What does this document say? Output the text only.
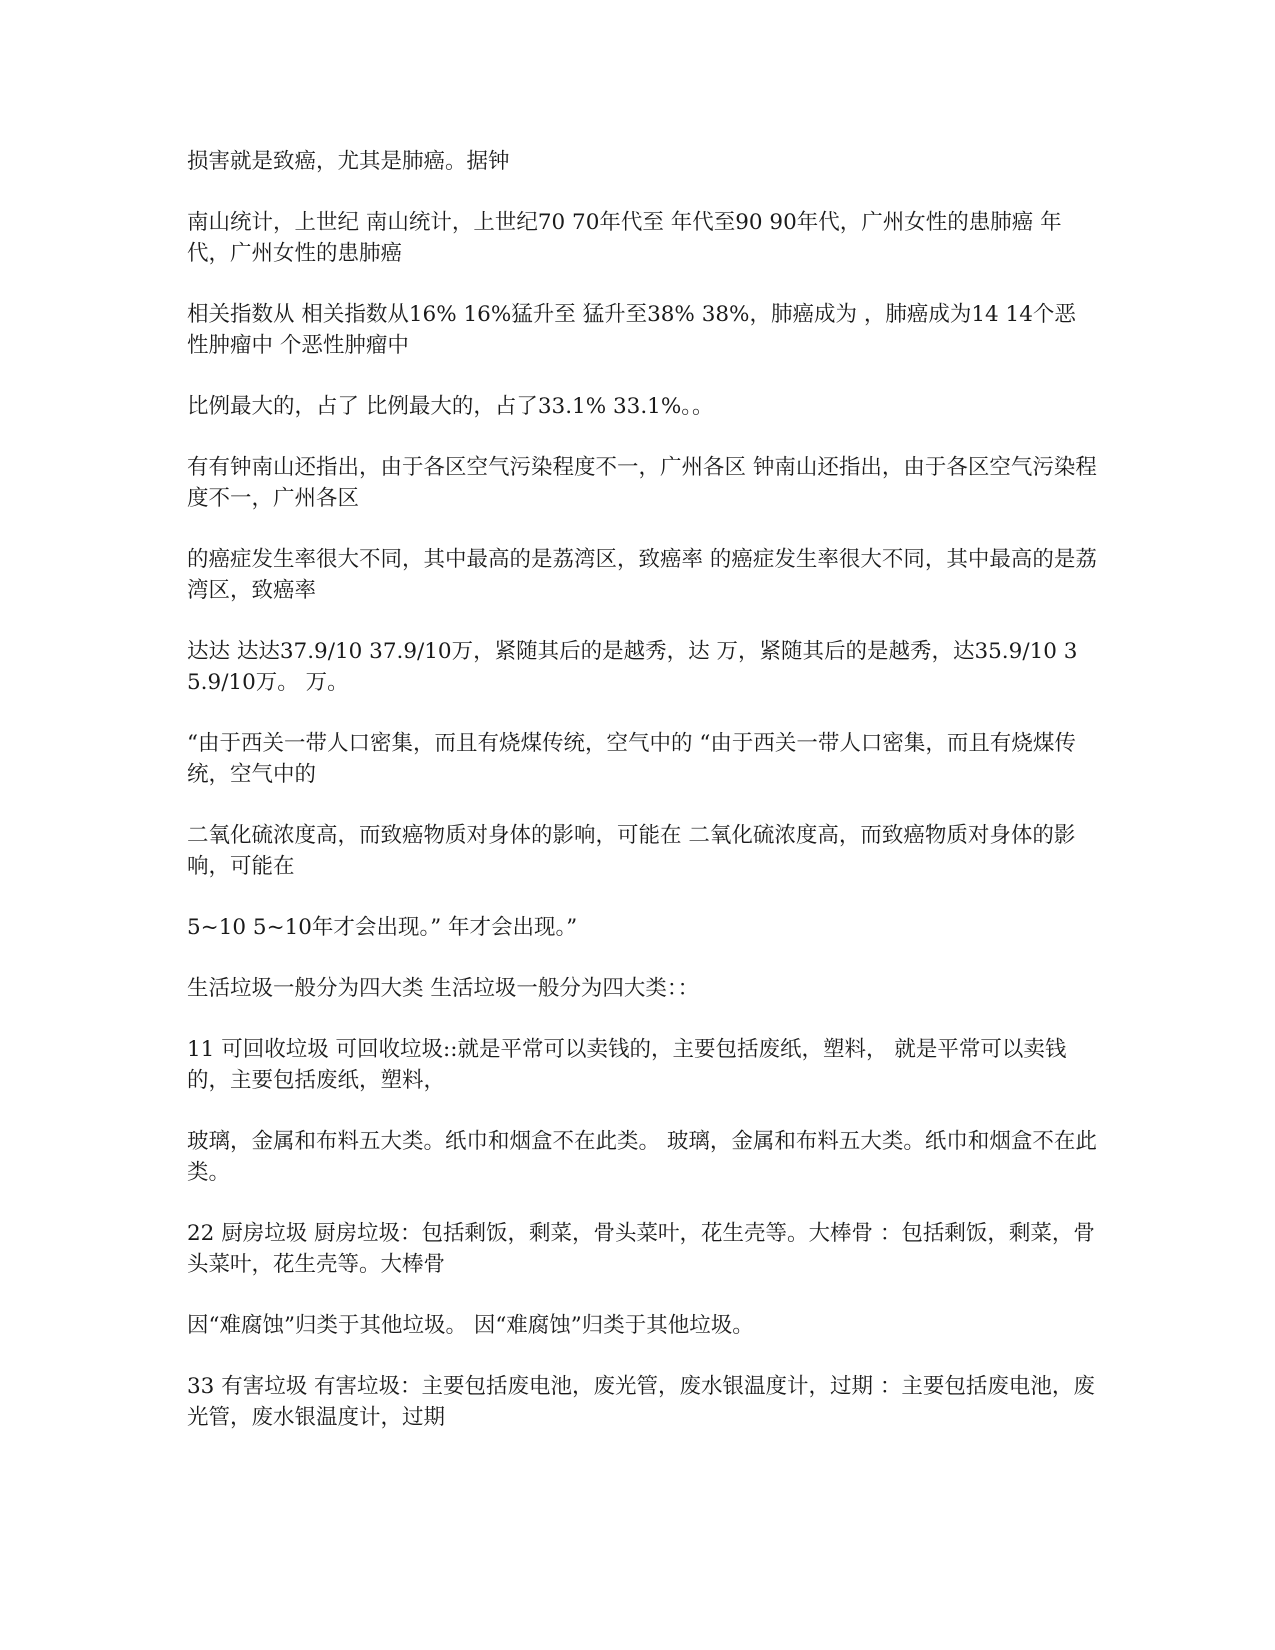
损害就是致癌，尤其是肺癌。据钟

南山统计，上世纪 南山统计，上世纪70 70年代至 年代至90 90年代，广州女性的患肺癌 年代，广州女性的患肺癌

相关指数从 相关指数从16% 16%猛升至 猛升至38% 38%，肺癌成为 ，肺癌成为14 14个恶性肿瘤中 个恶性肿瘤中

比例最大的，占了 比例最大的，占了33.1% 33.1%。。

有有钟南山还指出，由于各区空气污染程度不一，广州各区 钟南山还指出，由于各区空气污染程度不一，广州各区

的癌症发生率很大不同，其中最高的是荔湾区，致癌率 的癌症发生率很大不同，其中最高的是荔湾区，致癌率

达达 达达37.9/10 37.9/10万，紧随其后的是越秀，达 万，紧随其后的是越秀，达35.9/10 35.9/10万。 万。

“由于西关一带人口密集，而且有烧煤传统，空气中的 “由于西关一带人口密集，而且有烧煤传统，空气中的

二氧化硫浓度高，而致癌物质对身体的影响，可能在 二氧化硫浓度高，而致癌物质对身体的影响，可能在

5~10 5~10年才会出现。” 年才会出现。”

生活垃圾一般分为四大类 生活垃圾一般分为四大类：：

11 可回收垃圾 可回收垃圾::就是平常可以卖钱的，主要包括废纸，塑料， 就是平常可以卖钱的，主要包括废纸，塑料，

玻璃，金属和布料五大类。纸巾和烟盒不在此类。 玻璃，金属和布料五大类。纸巾和烟盒不在此类。

22 厨房垃圾 厨房垃圾：包括剩饭，剩菜，骨头菜叶，花生壳等。大棒骨 ：包括剩饭，剩菜，骨头菜叶，花生壳等。大棒骨

因“难腐蚀”归类于其他垃圾。 因“难腐蚀”归类于其他垃圾。

33 有害垃圾 有害垃圾：主要包括废电池，废光管，废水银温度计，过期 ：主要包括废电池，废光管，废水银温度计，过期
